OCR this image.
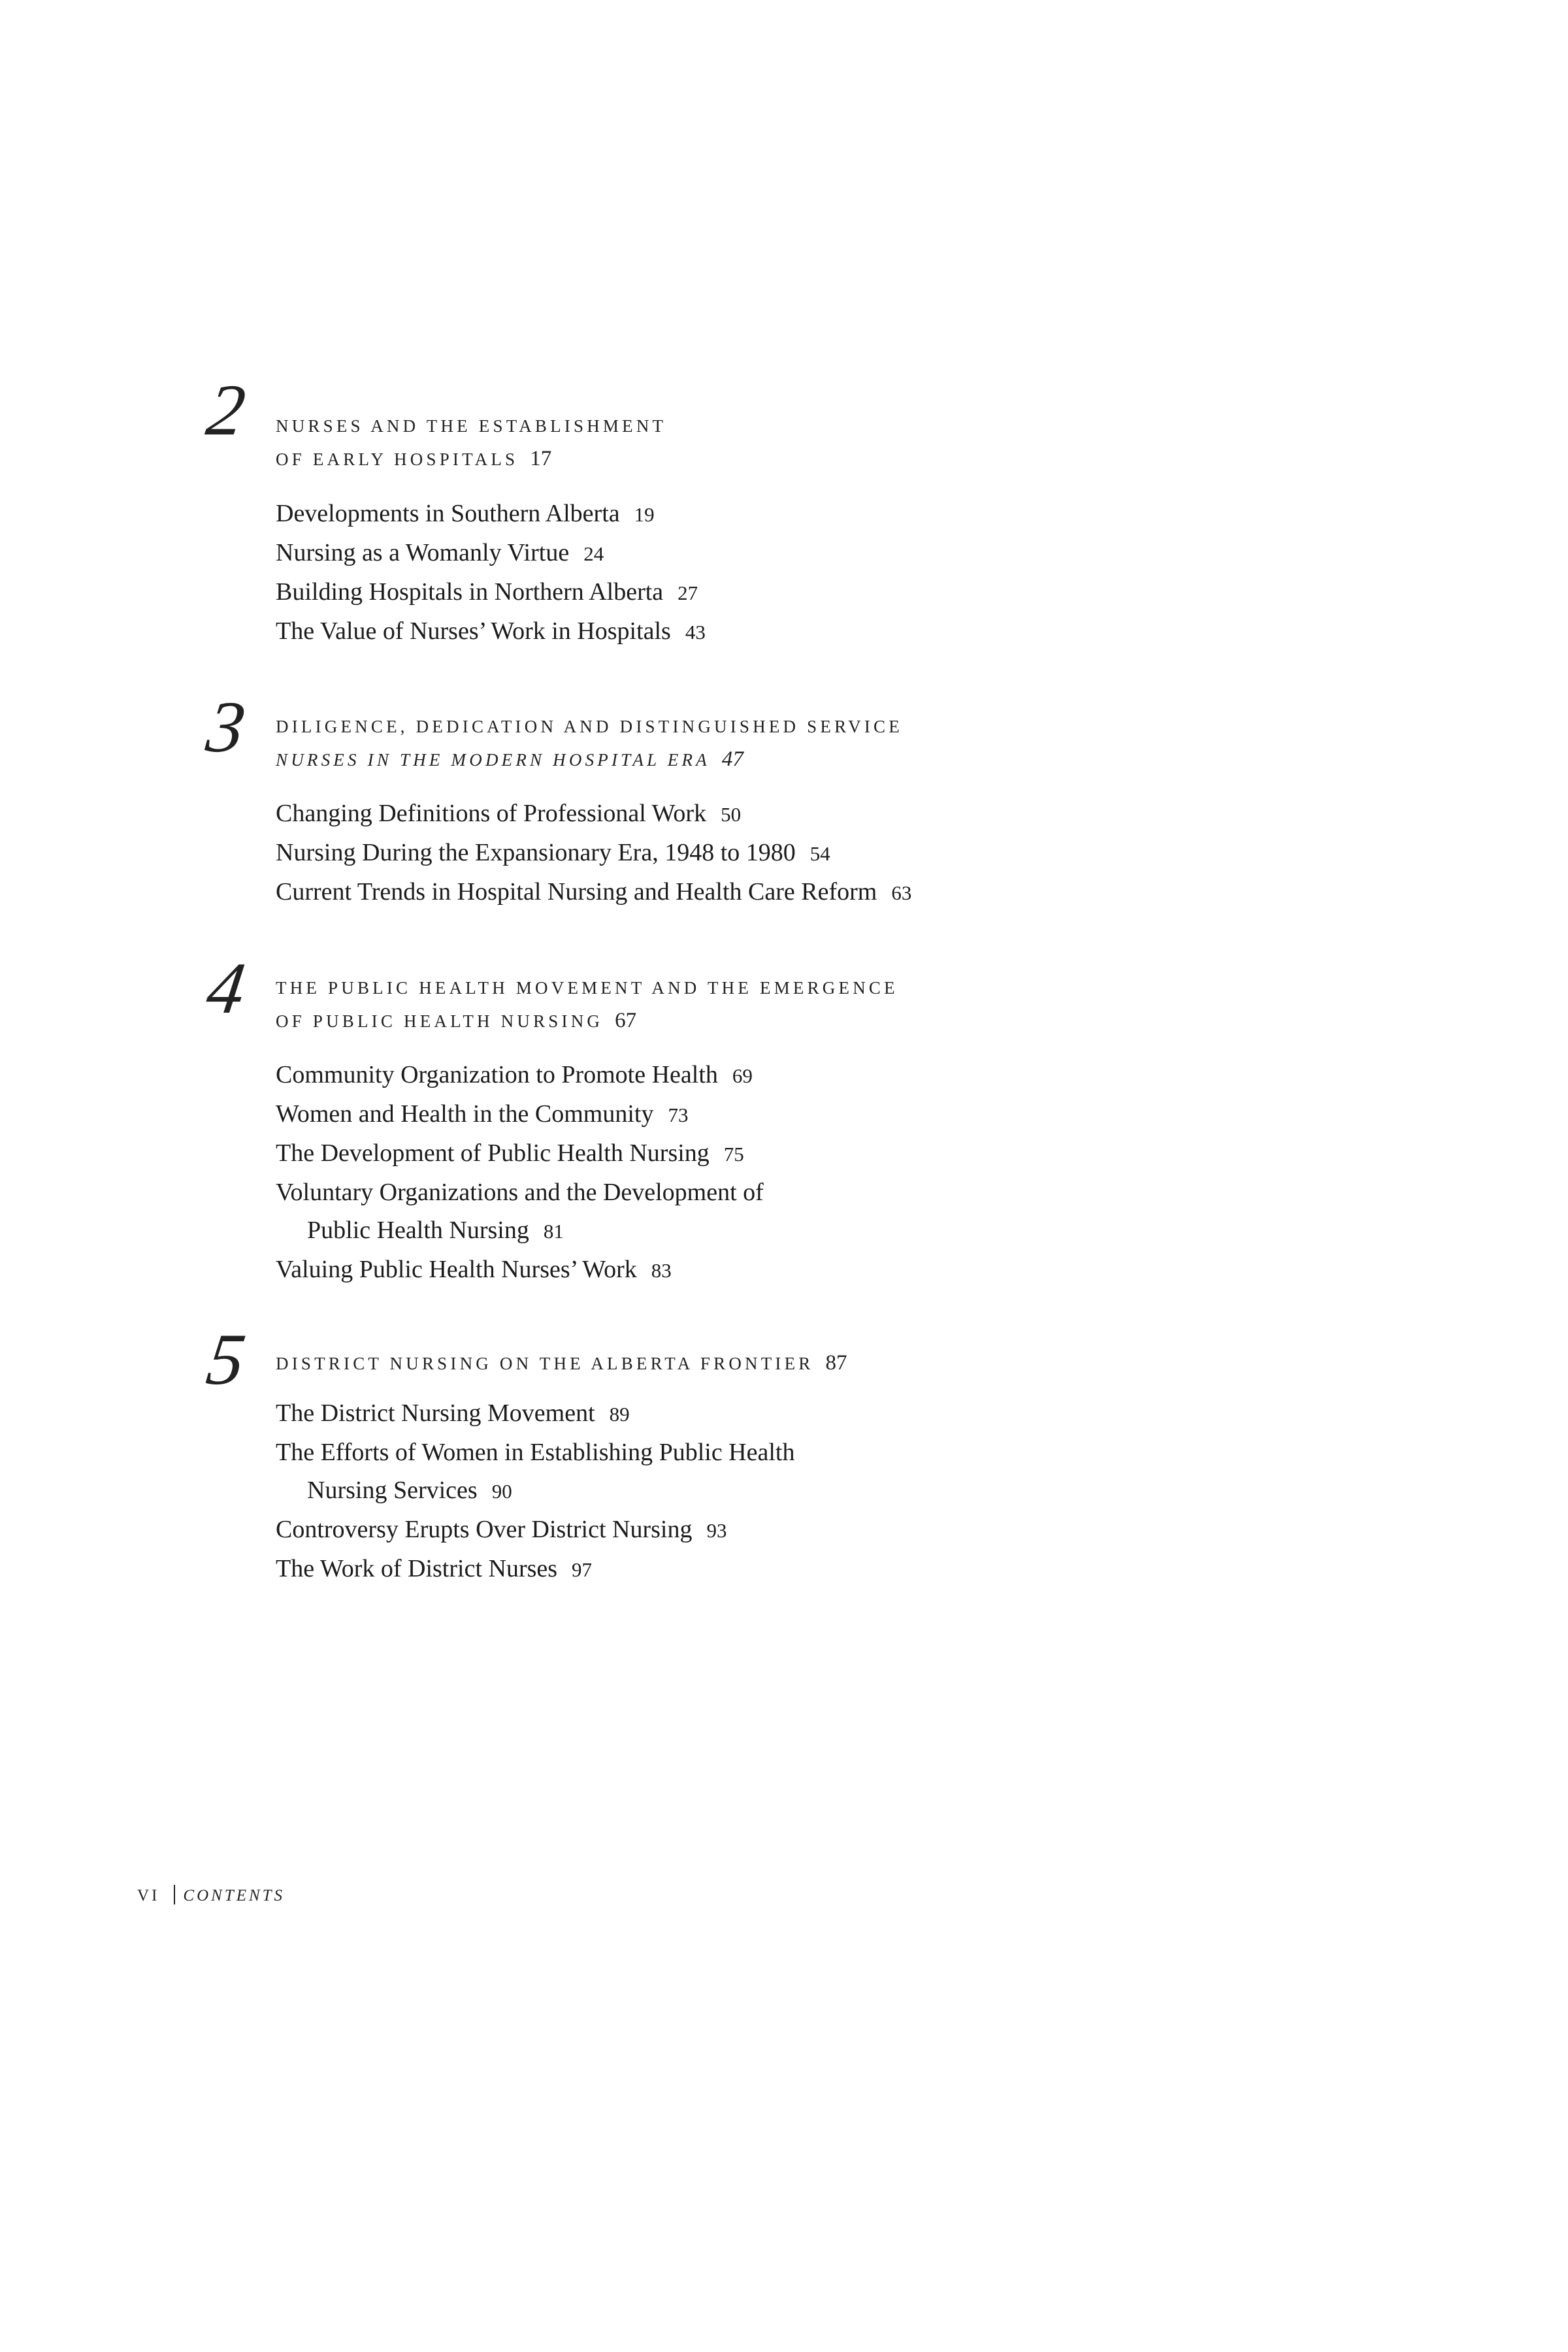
2 NURSES AND THE ESTABLISHMENT
OF EARLY HOSPITALS 17
Developments in Southern Alberta 19
Nursing as a Womanly Virtue 24
Building Hospitals in Northern Alberta 27
The Value of Nurses’ Work in Hospitals 43
3 DILIGENCE, DEDICATION AND DISTINGUISHED SERVICE
NURSES IN THE MODERN HOSPITAL ERA 47
Changing Definitions of Professional Work 50
Nursing During the Expansionary Era, 1948 to 1980 54
Current Trends in Hospital Nursing and Health Care Reform 63
4 THE PUBLIC HEALTH MOVEMENT AND THE EMERGENCE
OF PUBLIC HEALTH NURSING 67
Community Organization to Promote Health 69
Women and Health in the Community 73
The Development of Public Health Nursing 75
Voluntary Organizations and the Development of
Public Health Nursing 81
Valuing Public Health Nurses’ Work 83
5 DISTRICT NURSING ON THE ALBERTA FRONTIER 87
The District Nursing Movement 89
The Efforts of Women in Establishing Public Health
Nursing Services 90
Controversy Erupts Over District Nursing 93
The Work of District Nurses 97
VI CONTENTS
